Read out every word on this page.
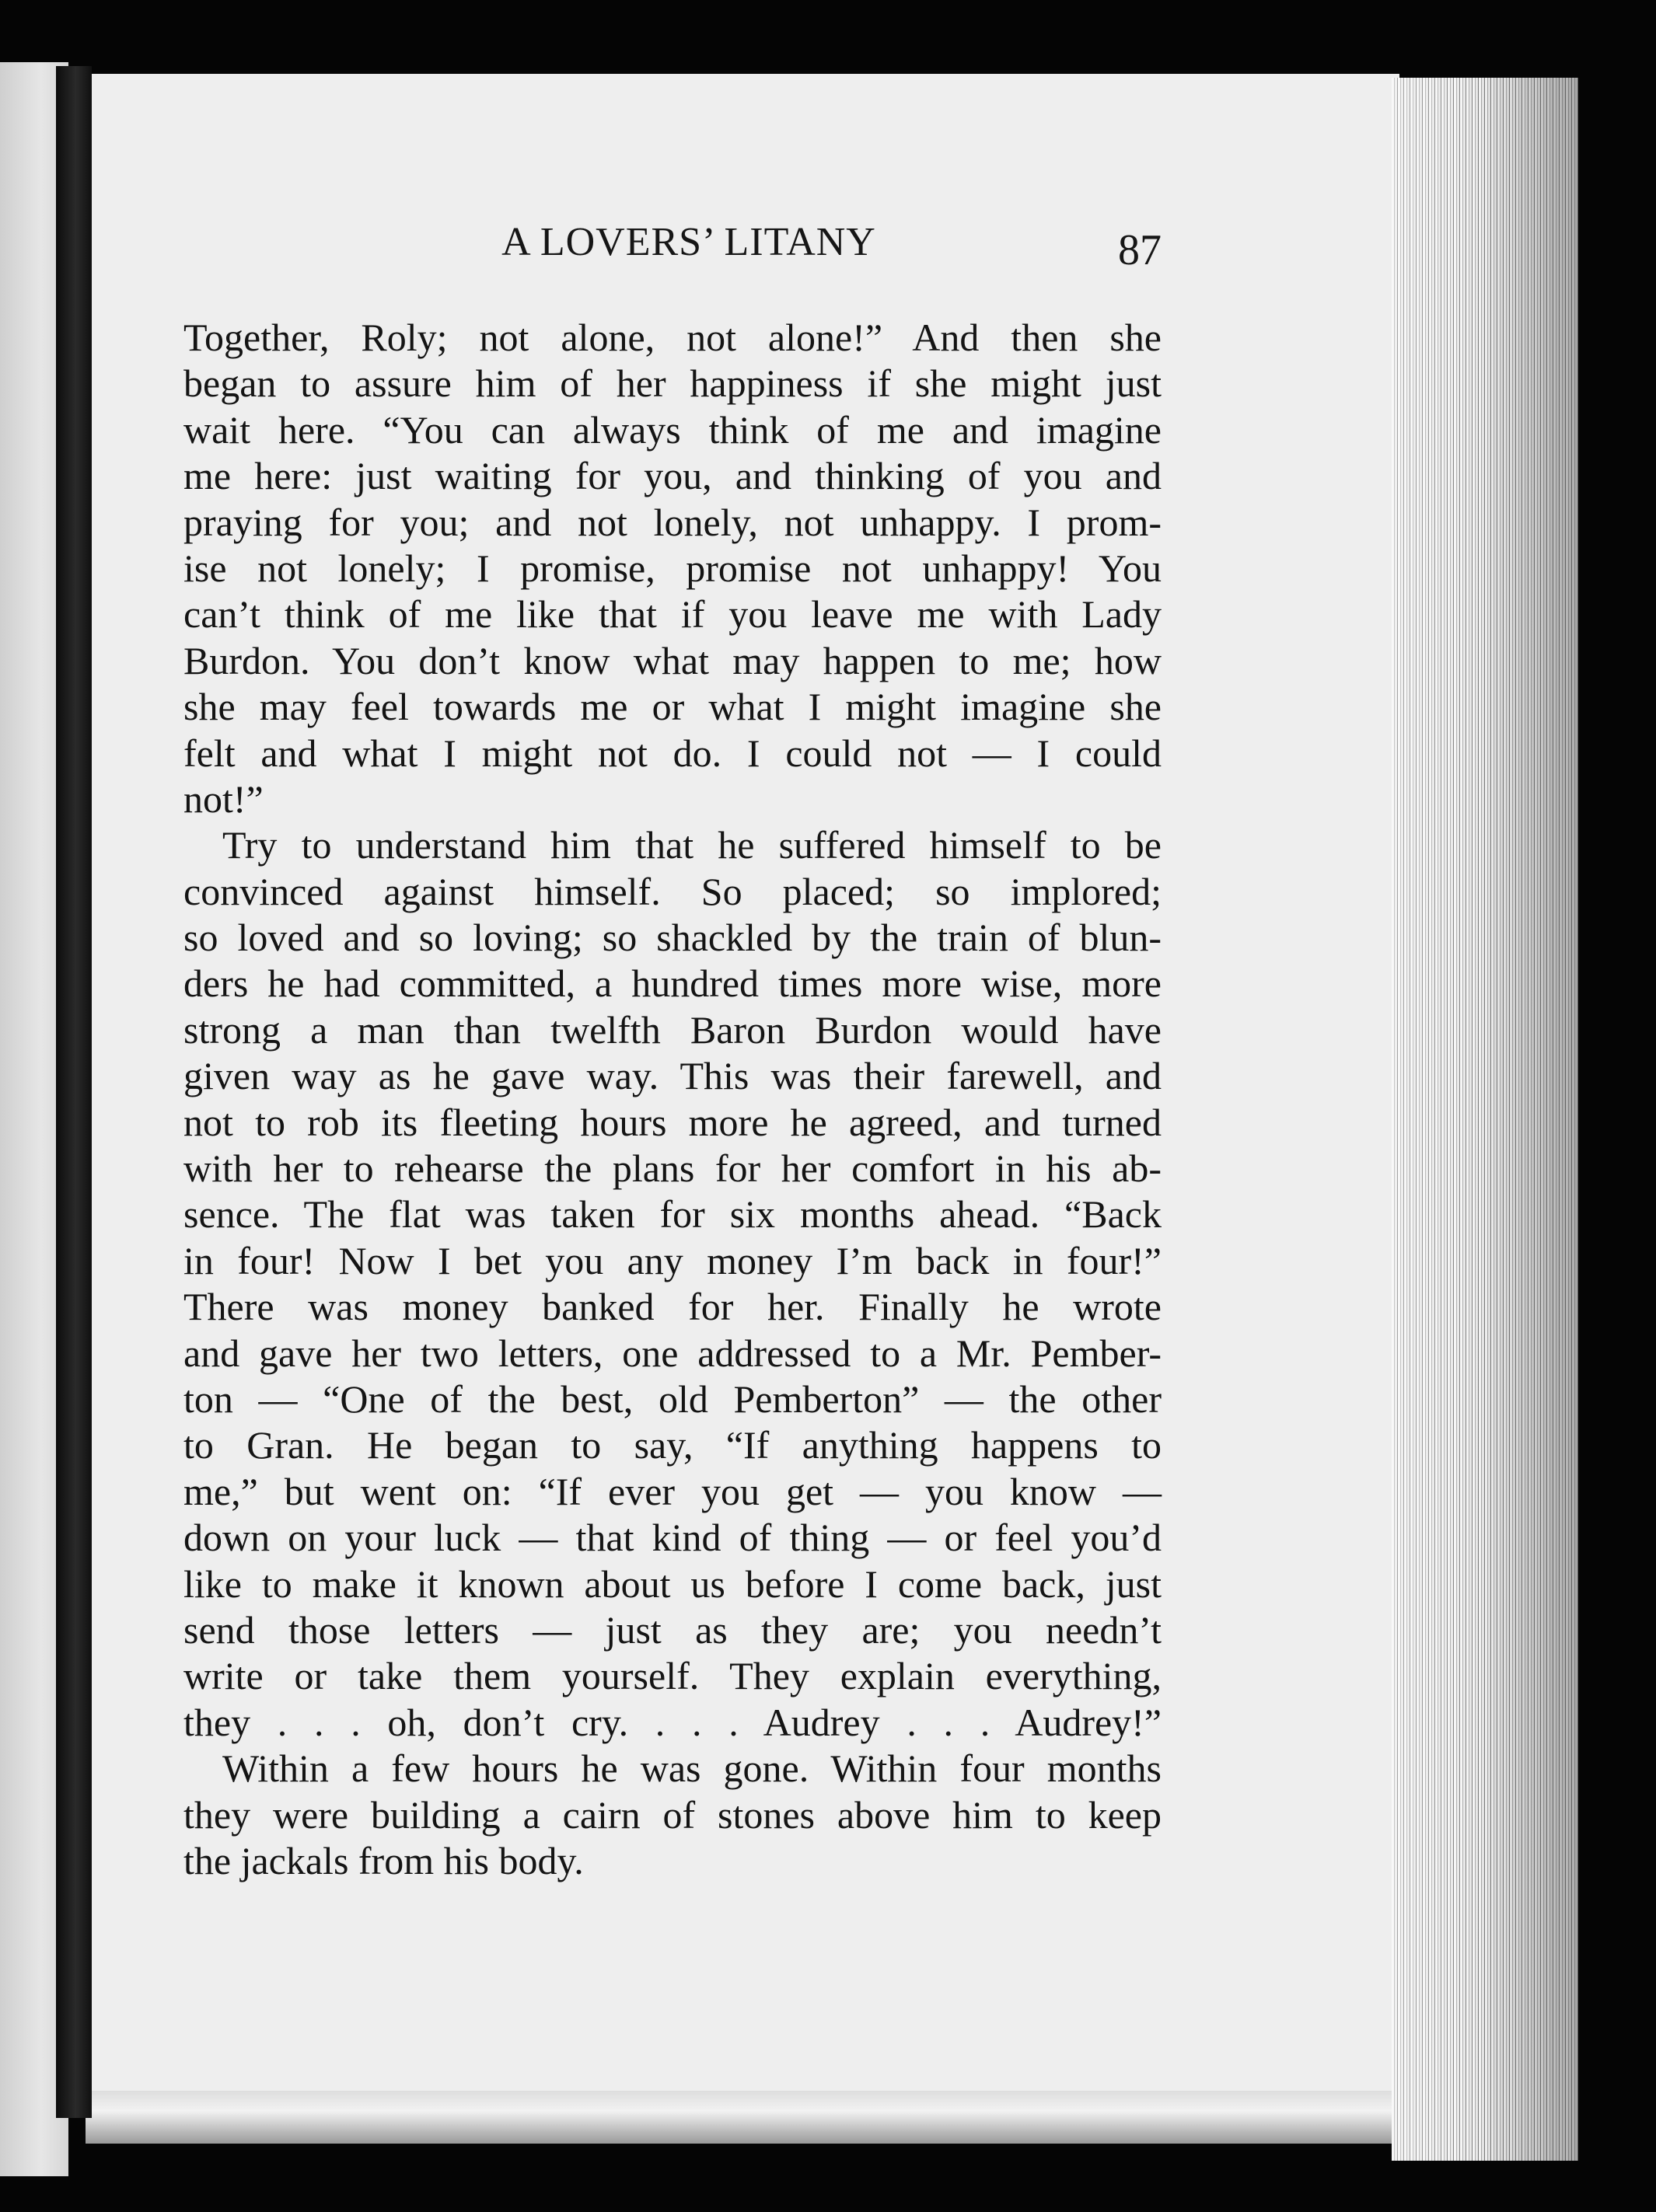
A LOVERS’ LITANY	87
Together, Roly; not alone, not alone!” And then she
began to assure him of her happiness if she might just
wait here. “You can always think of me and imagine
me here: just waiting for you, and thinking of you and
praying for you; and not lonely, not unhappy. I prom-
ise not lonely; I promise, promise not unhappy! You
can’t think of me like that if you leave me with Lady
Burdon. You don’t know what may happen to me; how
she may feel towards me or what I might imagine she
felt and what I might not do. I could not — I could
not!”
Try to understand him that he suffered himself to be
convinced against himself. So placed; so implored;
so loved and so loving; so shackled by the train of blun-
ders he had committed, a hundred times more wise, more
strong a man than twelfth Baron Burdon would have
given way as he gave way. This was their farewell, and
not to rob its fleeting hours more he agreed, and turned
with her to rehearse the plans for her comfort in his ab-
sence. The flat was taken for six months ahead. “Back
in four! Now I bet you any money I’m back in four!”
There was money banked for her. Finally he wrote
and gave her two letters, one addressed to a Mr. Pember-
ton — “One of the best, old Pemberton” — the other
to Gran. He began to say, “If anything happens to
me,” but went on: “If ever you get — you know —
down on your luck — that kind of thing — or feel you’d
like to make it known about us before I come back, just
send those letters — just as they are; you needn’t
write or take them yourself. They explain everything,
they . . . oh, don’t cry. . . . Audrey . . . Audrey!”
Within a few hours he was gone. Within four months
they were building a cairn of stones above him to keep
the jackals from his body.
